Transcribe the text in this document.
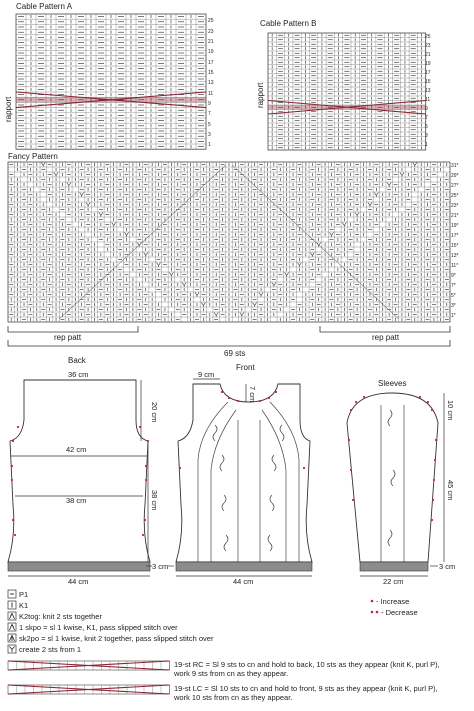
Cable Pattern A
rapport
25
23
21
19
17
15
13
11
9
7
5
3
1
Cable Pattern B
rapport
25
23
21
19
17
15
13
11
9
7
5
3
1
Fancy Pattern
31*
29*
27*
25*
23*
21*
19*
17*
15*
13*
11*
9*
7*
5*
3*
1*
rep patt	rep patt
69 sts
Back
36 cm
20 cm
42 cm
38 cm	38 cm
3 cm
44 cm
Front
9 cm
7 cm
44 cm
Sleeves
10 cm
45 cm
3 cm
22 cm
- Increase
- Decrease
P1
K1
K2tog: knit 2 sts together
1 skpo = sl 1 kwise, K1, pass slipped stitch over
sk2po = sl 1 kwise, knit 2 together, pass slipped stitch over
create 2 sts from 1
19-st RC = Sl 9 sts to cn and hold to back, 10 sts as they appear (knit K, purl P),
work 9 sts from cn as they appear.
19-st LC = Sl 10 sts to cn and hold to front, 9 sts as they appear (knit K, purl P),
work 10 sts from cn as they appear.
